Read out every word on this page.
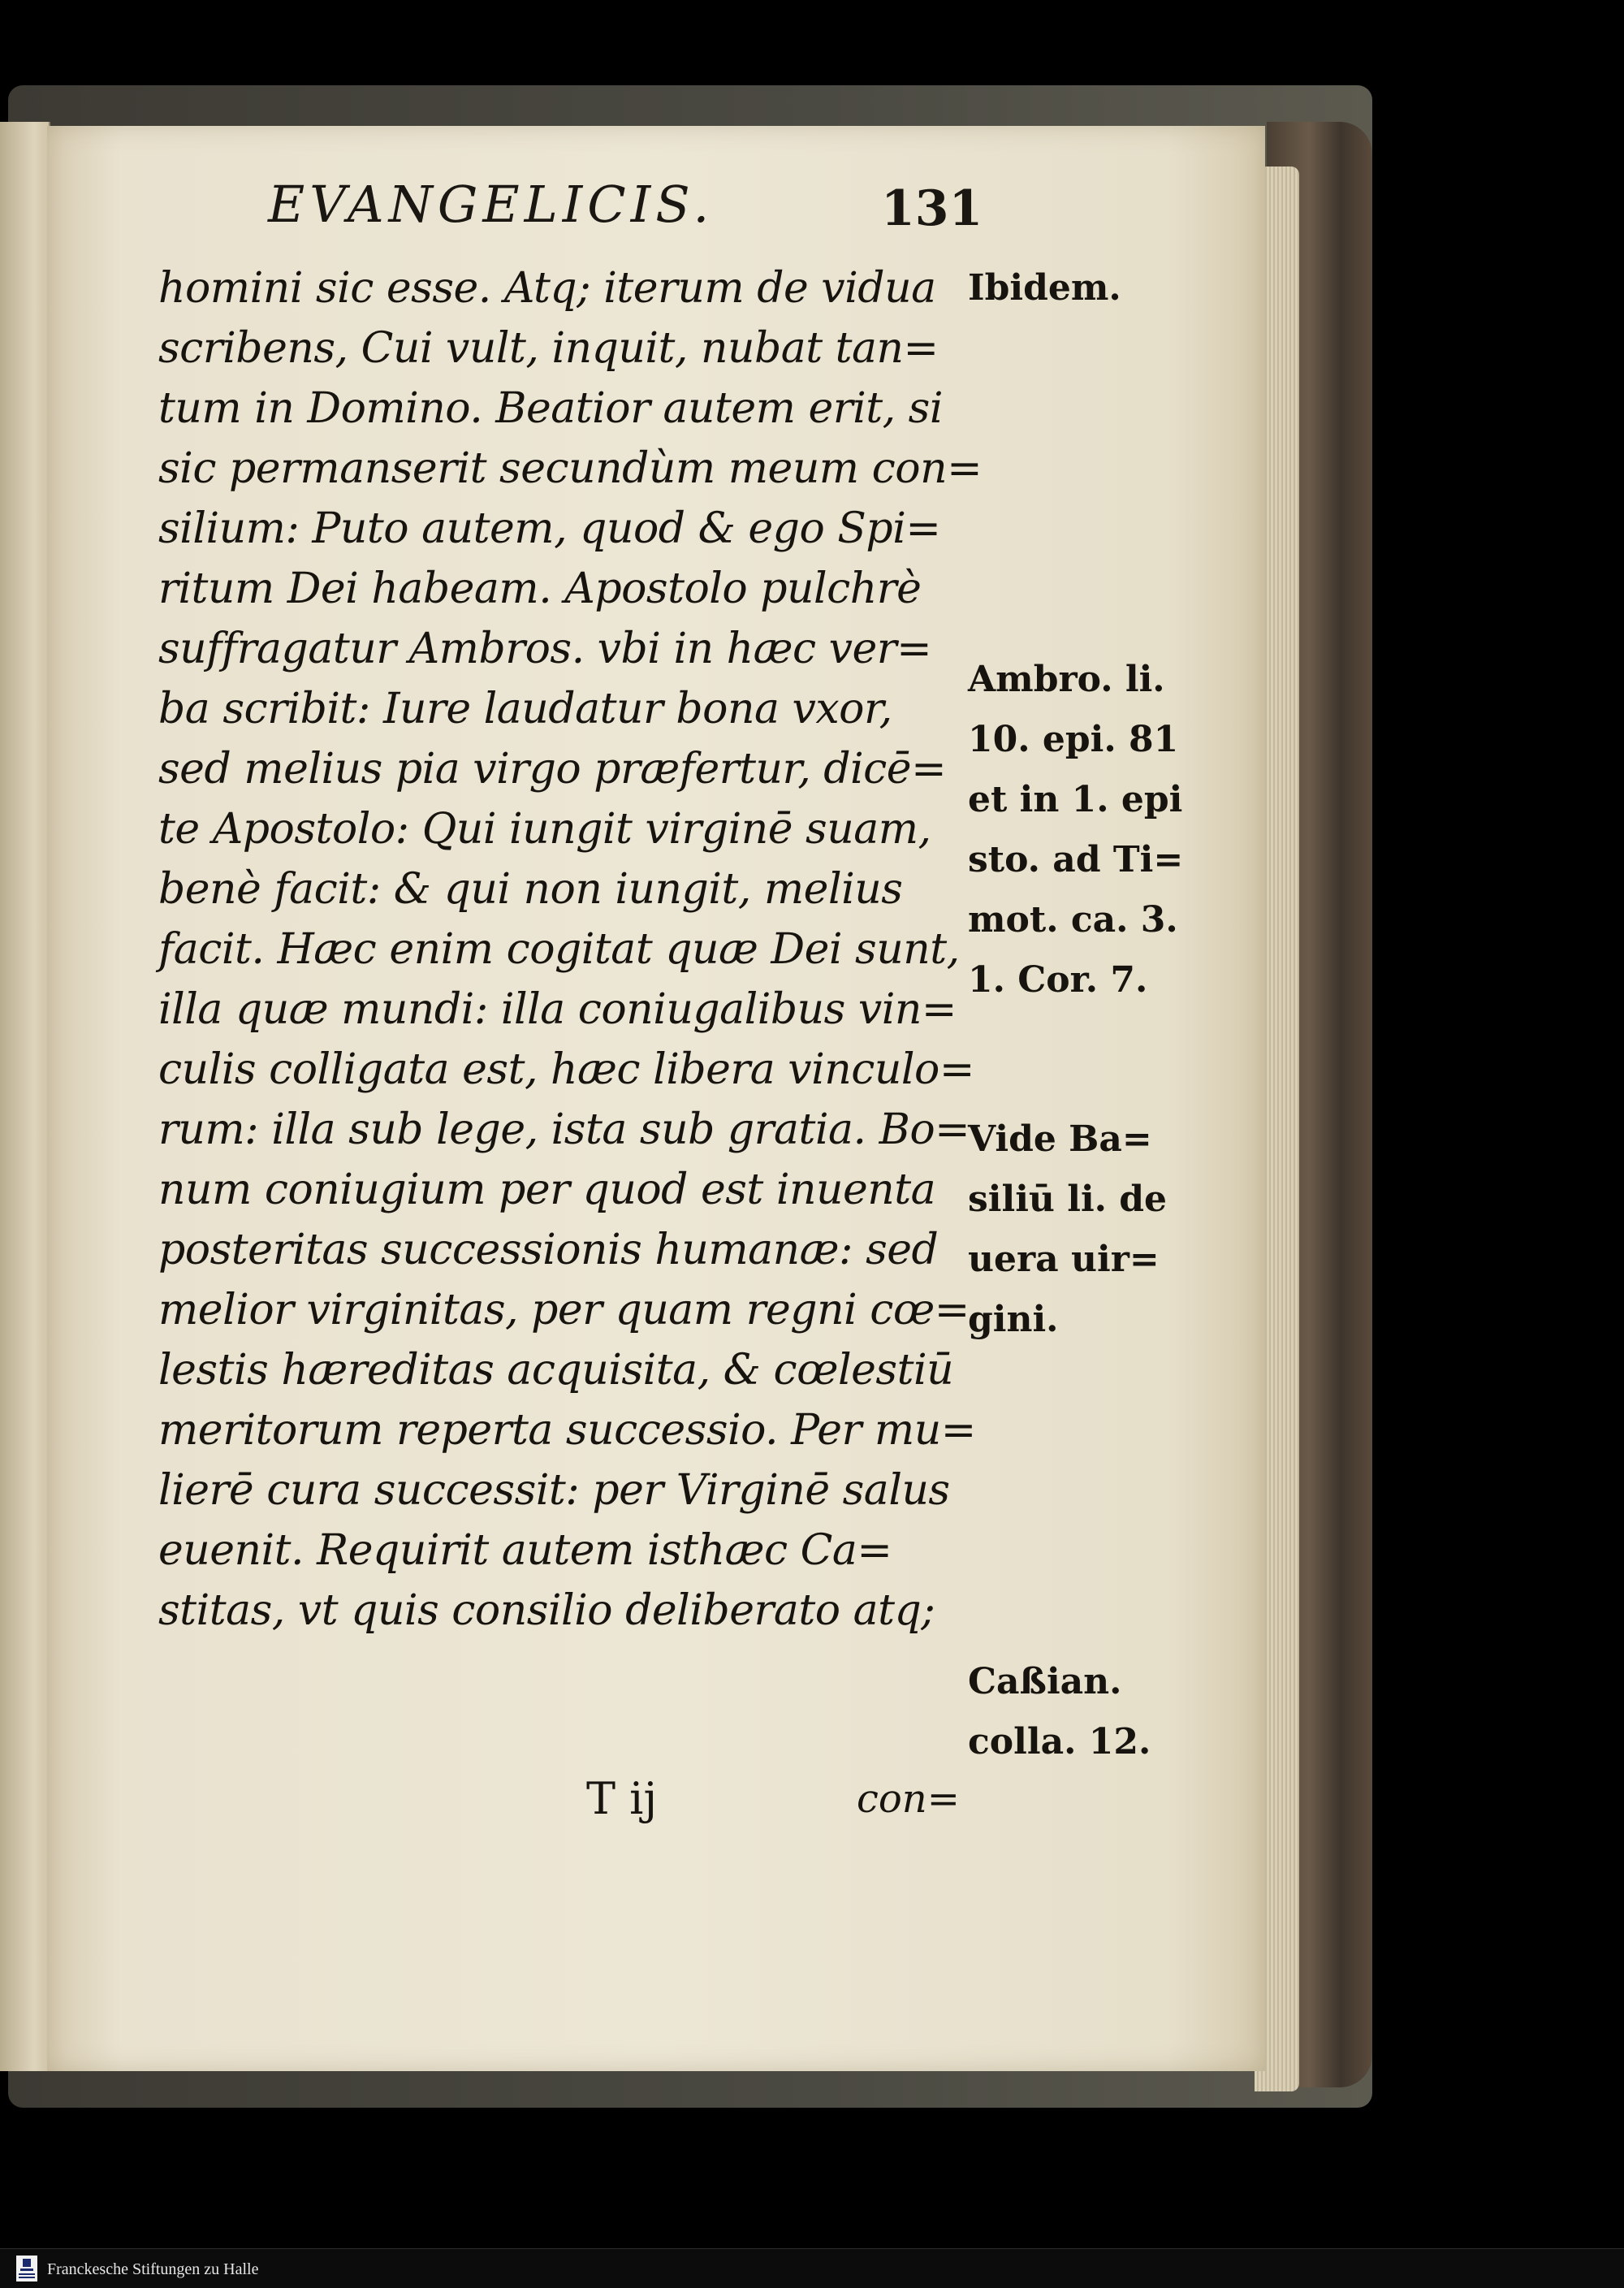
EVANGELICIS.	131
homini sic esse. Atq; iterum de vidua
scribens, Cui vult, inquit, nubat tan=
tum in Domino. Beatior autem erit, si
sic permanserit secundùm meum con=
silium: Puto autem, quod & ego Spi=
ritum Dei habeam. Apostolo pulchrè
suffragatur Ambros. vbi in hæc ver=
ba scribit: Iure laudatur bona vxor,
sed melius pia virgo præfertur, dicē=
te Apostolo: Qui iungit virginē suam,
benè facit: & qui non iungit, melius
facit. Hæc enim cogitat quæ Dei sunt,
illa quæ mundi: illa coniugalibus vin=
culis colligata est, hæc libera vinculo=
rum: illa sub lege, ista sub gratia. Bo=
num coniugium per quod est inuenta
posteritas successionis humanæ: sed
melior virginitas, per quam regni cœ=
lestis hæreditas acquisita, & cœlestiū
meritorum reperta successio. Per mu=
lierē cura successit: per Virginē salus
euenit. Requirit autem isthæc Ca=
stitas, vt quis consilio deliberato atq;
Ibidem.
Ambro. li.
10. epi. 81
et in 1. epi
sto. ad Ti=
mot. ca. 3.
1. Cor. 7.
Vide Ba=
siliū li. de
uera uir=
gini.
Caßian.
colla. 12.
T ij	con=
Franckesche Stiftungen zu Halle
